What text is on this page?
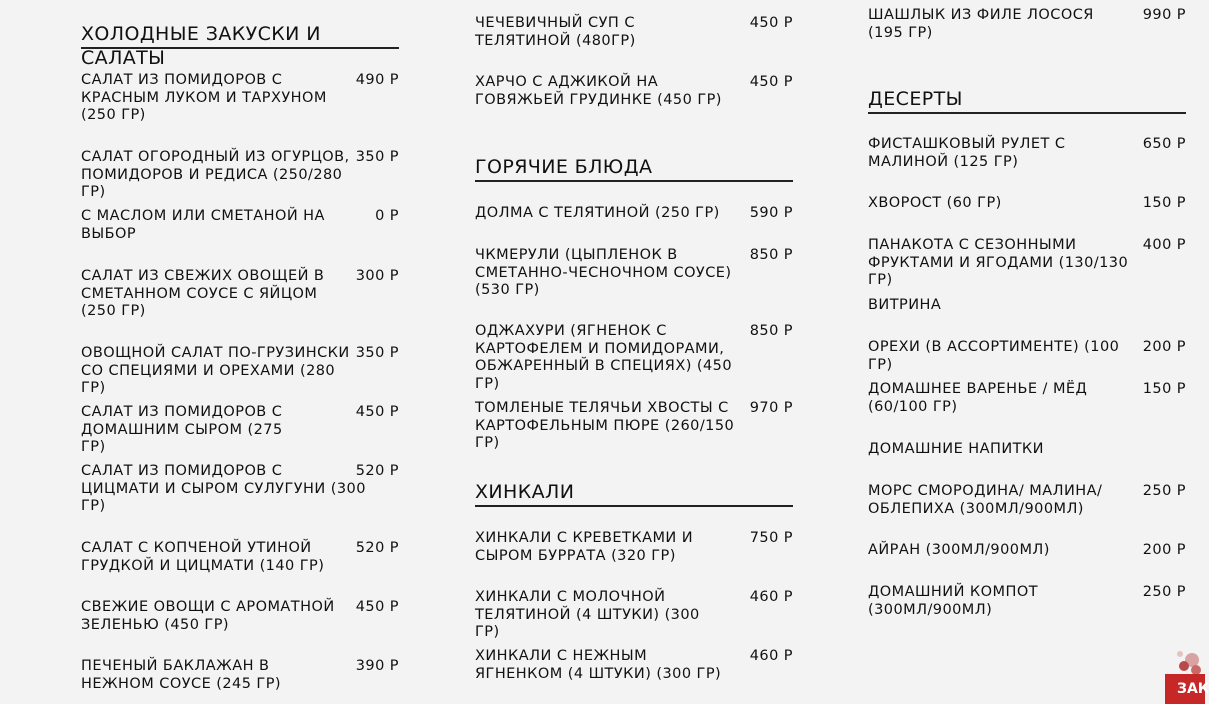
ХОЛОДНЫЕ ЗАКУСКИ И САЛАТЫ
САЛАТ ИЗ ПОМИДОРОВ С КРАСНЫМ ЛУКОМ И ТАРХУНОМ (250 ГР)
490 Р
САЛАТ ОГОРОДНЫЙ ИЗ ОГУРЦОВ, ПОМИДОРОВ И РЕДИСА (250/280 ГР)
350 Р
С МАСЛОМ ИЛИ СМЕТАНОЙ НА ВЫБОР
0 Р
САЛАТ ИЗ СВЕЖИХ ОВОЩЕЙ В СМЕТАННОМ СОУСЕ С ЯЙЦОМ (250 ГР)
300 Р
ОВОЩНОЙ САЛАТ ПО-ГРУЗИНСКИ СО СПЕЦИЯМИ И ОРЕХАМИ (280 ГР)
350 Р
САЛАТ ИЗ ПОМИДОРОВ С ДОМАШНИМ СЫРОМ (275 ГР)
450 Р
САЛАТ ИЗ ПОМИДОРОВ С ЦИЦМАТИ И СЫРОМ СУЛУГУНИ (300 ГР)
520 Р
САЛАТ С КОПЧЕНОЙ УТИНОЙ ГРУДКОЙ И ЦИЦМАТИ (140 ГР)
520 Р
СВЕЖИЕ ОВОЩИ С АРОМАТНОЙ ЗЕЛЕНЬЮ (450 ГР)
450 Р
ПЕЧЕНЫЙ БАКЛАЖАН В НЕЖНОМ СОУСЕ (245 ГР)
390 Р
ЧЕЧЕВИЧНЫЙ СУП С ТЕЛЯТИНОЙ (480ГР)
450 Р
ХАРЧО С АДЖИКОЙ НА ГОВЯЖЬЕЙ ГРУДИНКЕ (450 ГР)
450 Р
ГОРЯЧИЕ БЛЮДА
ДОЛМА С ТЕЛЯТИНОЙ (250 ГР)	590 Р
ЧКМЕРУЛИ (ЦЫПЛЕНОК В СМЕТАННО-ЧЕСНОЧНОМ СОУСЕ) (530 ГР)
850 Р
ОДЖАХУРИ (ЯГНЕНОК С КАРТОФЕЛЕМ И ПОМИДОРАМИ, ОБЖАРЕННЫЙ В СПЕЦИЯХ) (450 ГР)
850 Р
ТОМЛЕНЫЕ ТЕЛЯЧЬИ ХВОСТЫ С КАРТОФЕЛЬНЫМ ПЮРЕ (260/150 ГР)
970 Р
ХИНКАЛИ
ХИНКАЛИ С КРЕВЕТКАМИ И СЫРОМ БУРРАТА (320 ГР)
750 Р
ХИНКАЛИ С МОЛОЧНОЙ ТЕЛЯТИНОЙ (4 ШТУКИ) (300 ГР)
460 Р
ХИНКАЛИ С НЕЖНЫМ ЯГНЕНКОМ (4 ШТУКИ) (300 ГР)
460 Р
ШАШЛЫК ИЗ ФИЛЕ ЛОСОСЯ (195 ГР)
990 Р
ДЕСЕРТЫ
ФИСТАШКОВЫЙ РУЛЕТ С МАЛИНОЙ (125 ГР)
650 Р
ХВОРОСТ (60 ГР)	150 Р
ПАНАКОТА С СЕЗОННЫМИ ФРУКТАМИ И ЯГОДАМИ (130/130 ГР)
400 Р
ВИТРИНА
ОРЕХИ (В АССОРТИМЕНТЕ) (100 ГР)
200 Р
ДОМАШНЕЕ ВАРЕНЬЕ / МЁД (60/100 ГР)
150 Р
ДОМАШНИЕ НАПИТКИ
МОРС СМОРОДИНА/ МАЛИНА/ ОБЛЕПИХА (300МЛ/900МЛ)
250 Р
АЙРАН (300МЛ/900МЛ)	200 Р
ДОМАШНИЙ КОМПОТ (300МЛ/900МЛ)
250 Р
ЗАК
